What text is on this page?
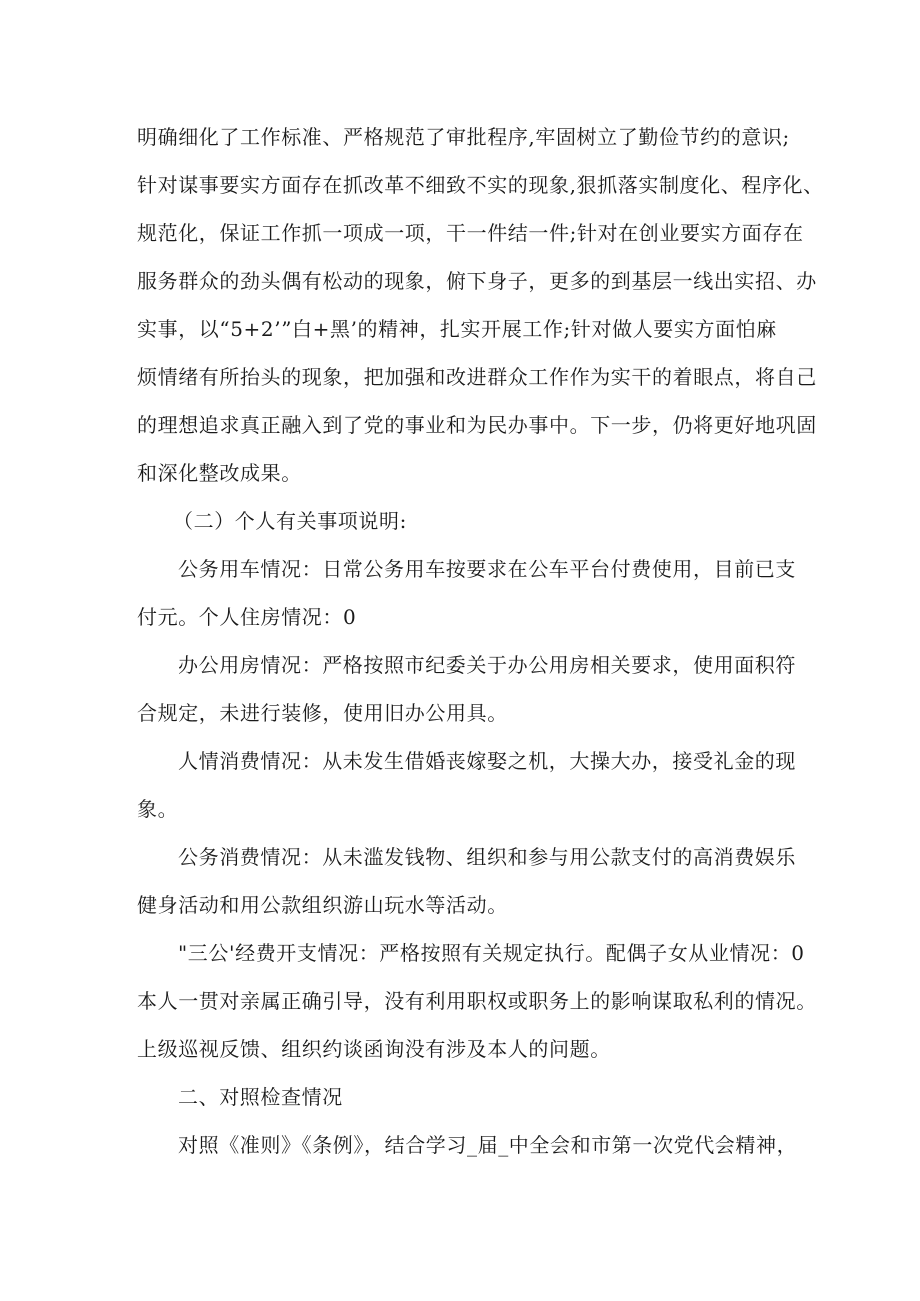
明确细化了工作标准、严格规范了审批程序,牢固树立了勤俭节约的意识;
针对谋事要实方面存在抓改革不细致不实的现象,狠抓落实制度化、程序化、
规范化，保证工作抓一项成一项，干一件结一件;针对在创业要实方面存在
服务群众的劲头偶有松动的现象，俯下身子，更多的到基层一线出实招、办
实事，以“5+2’”白+黑’的精神，扎实开展工作;针对做人要实方面怕麻
烦情绪有所抬头的现象，把加强和改进群众工作作为实干的着眼点，将自己
的理想追求真正融入到了党的事业和为民办事中。下一步，仍将更好地巩固
和深化整改成果。
（二）个人有关事项说明:
公务用车情况：日常公务用车按要求在公车平台付费使用，目前已支
付元。个人住房情况：0
办公用房情况：严格按照市纪委关于办公用房相关要求，使用面积符
合规定，未进行装修，使用旧办公用具。
人情消费情况：从未发生借婚丧嫁娶之机，大操大办，接受礼金的现
象。
公务消费情况：从未滥发钱物、组织和参与用公款支付的高消费娱乐
健身活动和用公款组织游山玩水等活动。
"三公'经费开支情况：严格按照有关规定执行。配偶子女从业情况：0
本人一贯对亲属正确引导，没有利用职权或职务上的影响谋取私利的情况。
上级巡视反馈、组织约谈函询没有涉及本人的问题。
二、对照检查情况
对照《准则》《条例》，结合学习_届_中全会和市第一次党代会精神，
